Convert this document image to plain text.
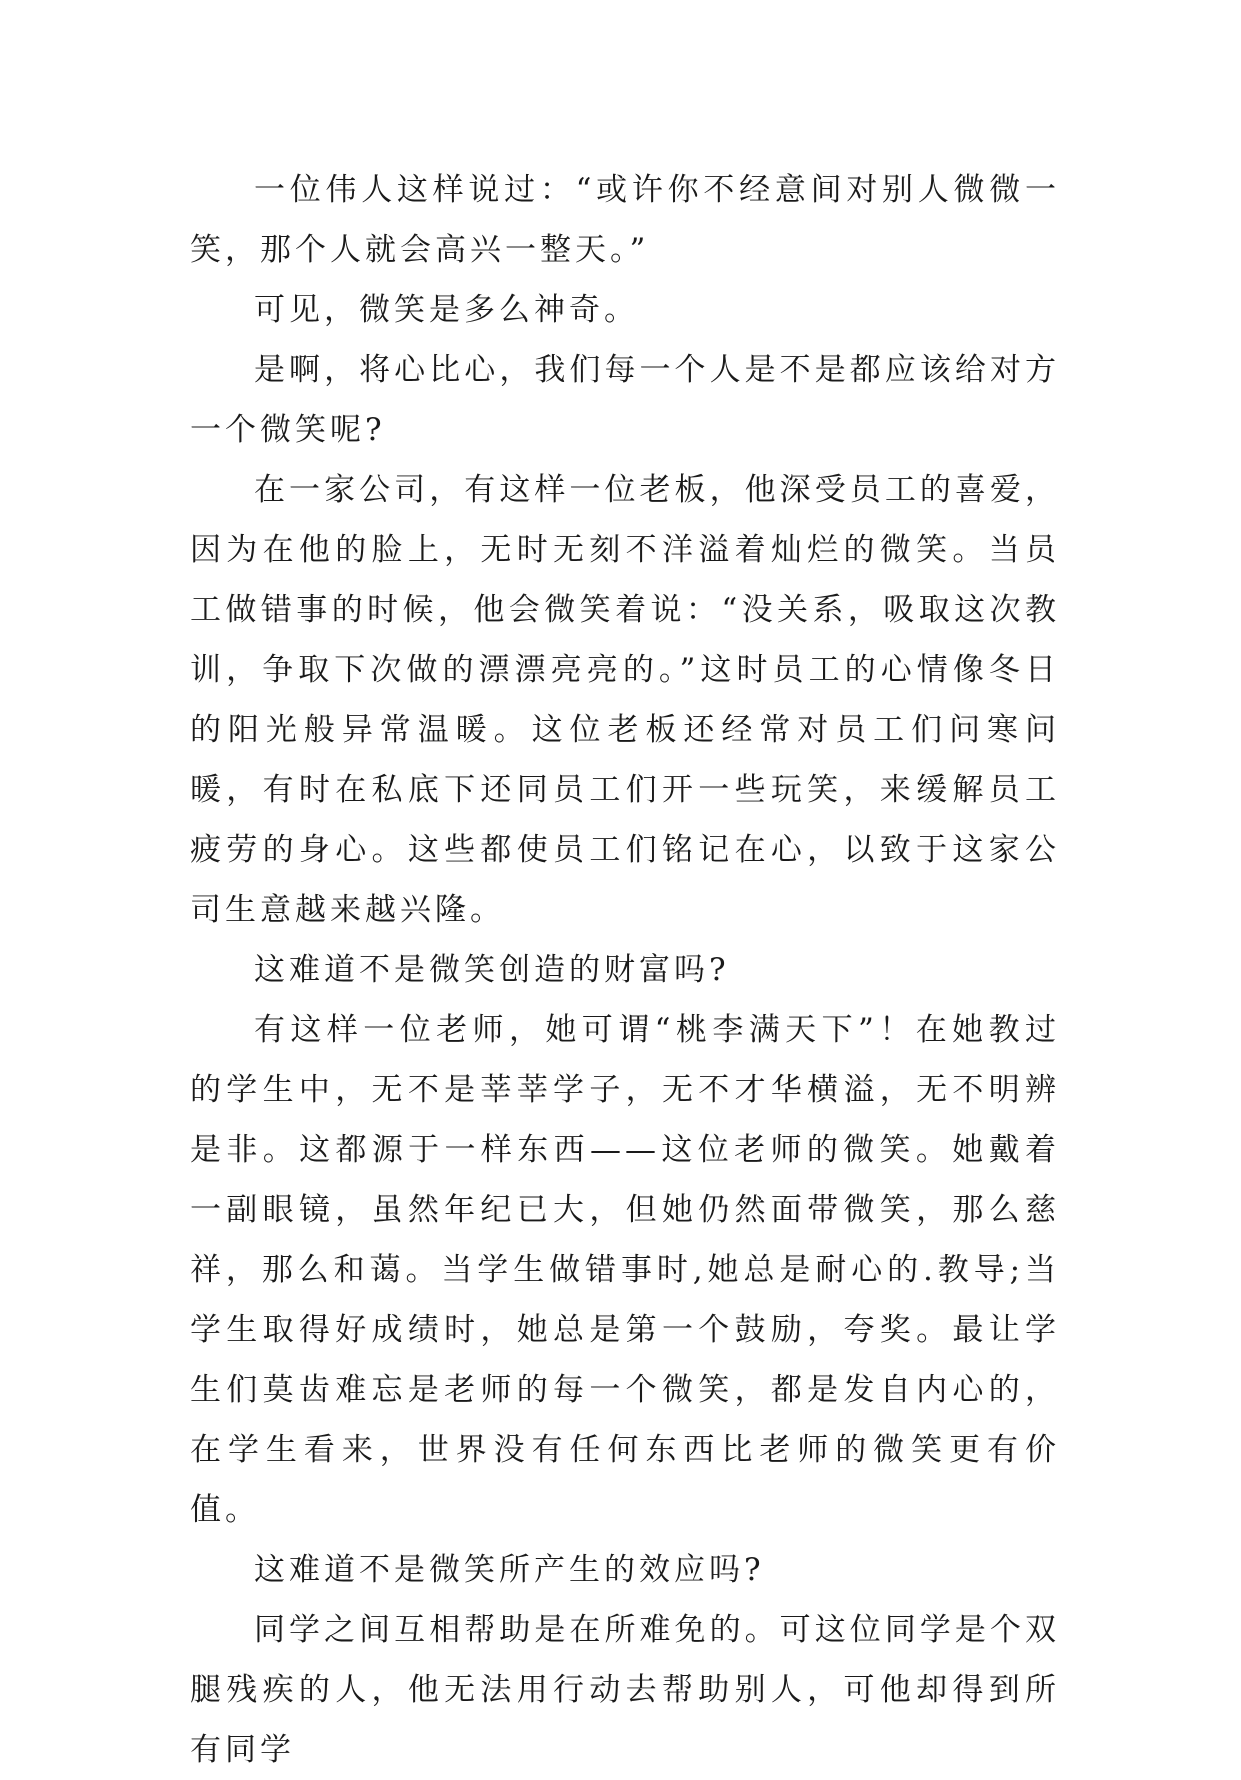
一位伟人这样说过：“或许你不经意间对别人微微一笑，那个人就会高兴一整天。”

可见，微笑是多么神奇。

是啊，将心比心，我们每一个人是不是都应该给对方一个微笑呢?

在一家公司，有这样一位老板，他深受员工的喜爱，因为在他的脸上，无时无刻不洋溢着灿烂的微笑。当员工做错事的时候，他会微笑着说：“没关系，吸取这次教训，争取下次做的漂漂亮亮的。”这时员工的心情像冬日的阳光般异常温暖。这位老板还经常对员工们问寒问暖，有时在私底下还同员工们开一些玩笑，来缓解员工疲劳的身心。这些都使员工们铭记在心，以致于这家公司生意越来越兴隆。

这难道不是微笑创造的财富吗?

有这样一位老师，她可谓“桃李满天下”！在她教过的学生中，无不是莘莘学子，无不才华横溢，无不明辨是非。这都源于一样东西——这位老师的微笑。她戴着一副眼镜，虽然年纪已大，但她仍然面带微笑，那么慈祥，那么和蔼。当学生做错事时,她总是耐心的.教导;当学生取得好成绩时，她总是第一个鼓励，夸奖。最让学生们莫齿难忘是老师的每一个微笑，都是发自内心的，在学生看来，世界没有任何东西比老师的微笑更有价值。

这难道不是微笑所产生的效应吗?

同学之间互相帮助是在所难免的。可这位同学是个双腿残疾的人，他无法用行动去帮助别人，可他却得到所有同学
